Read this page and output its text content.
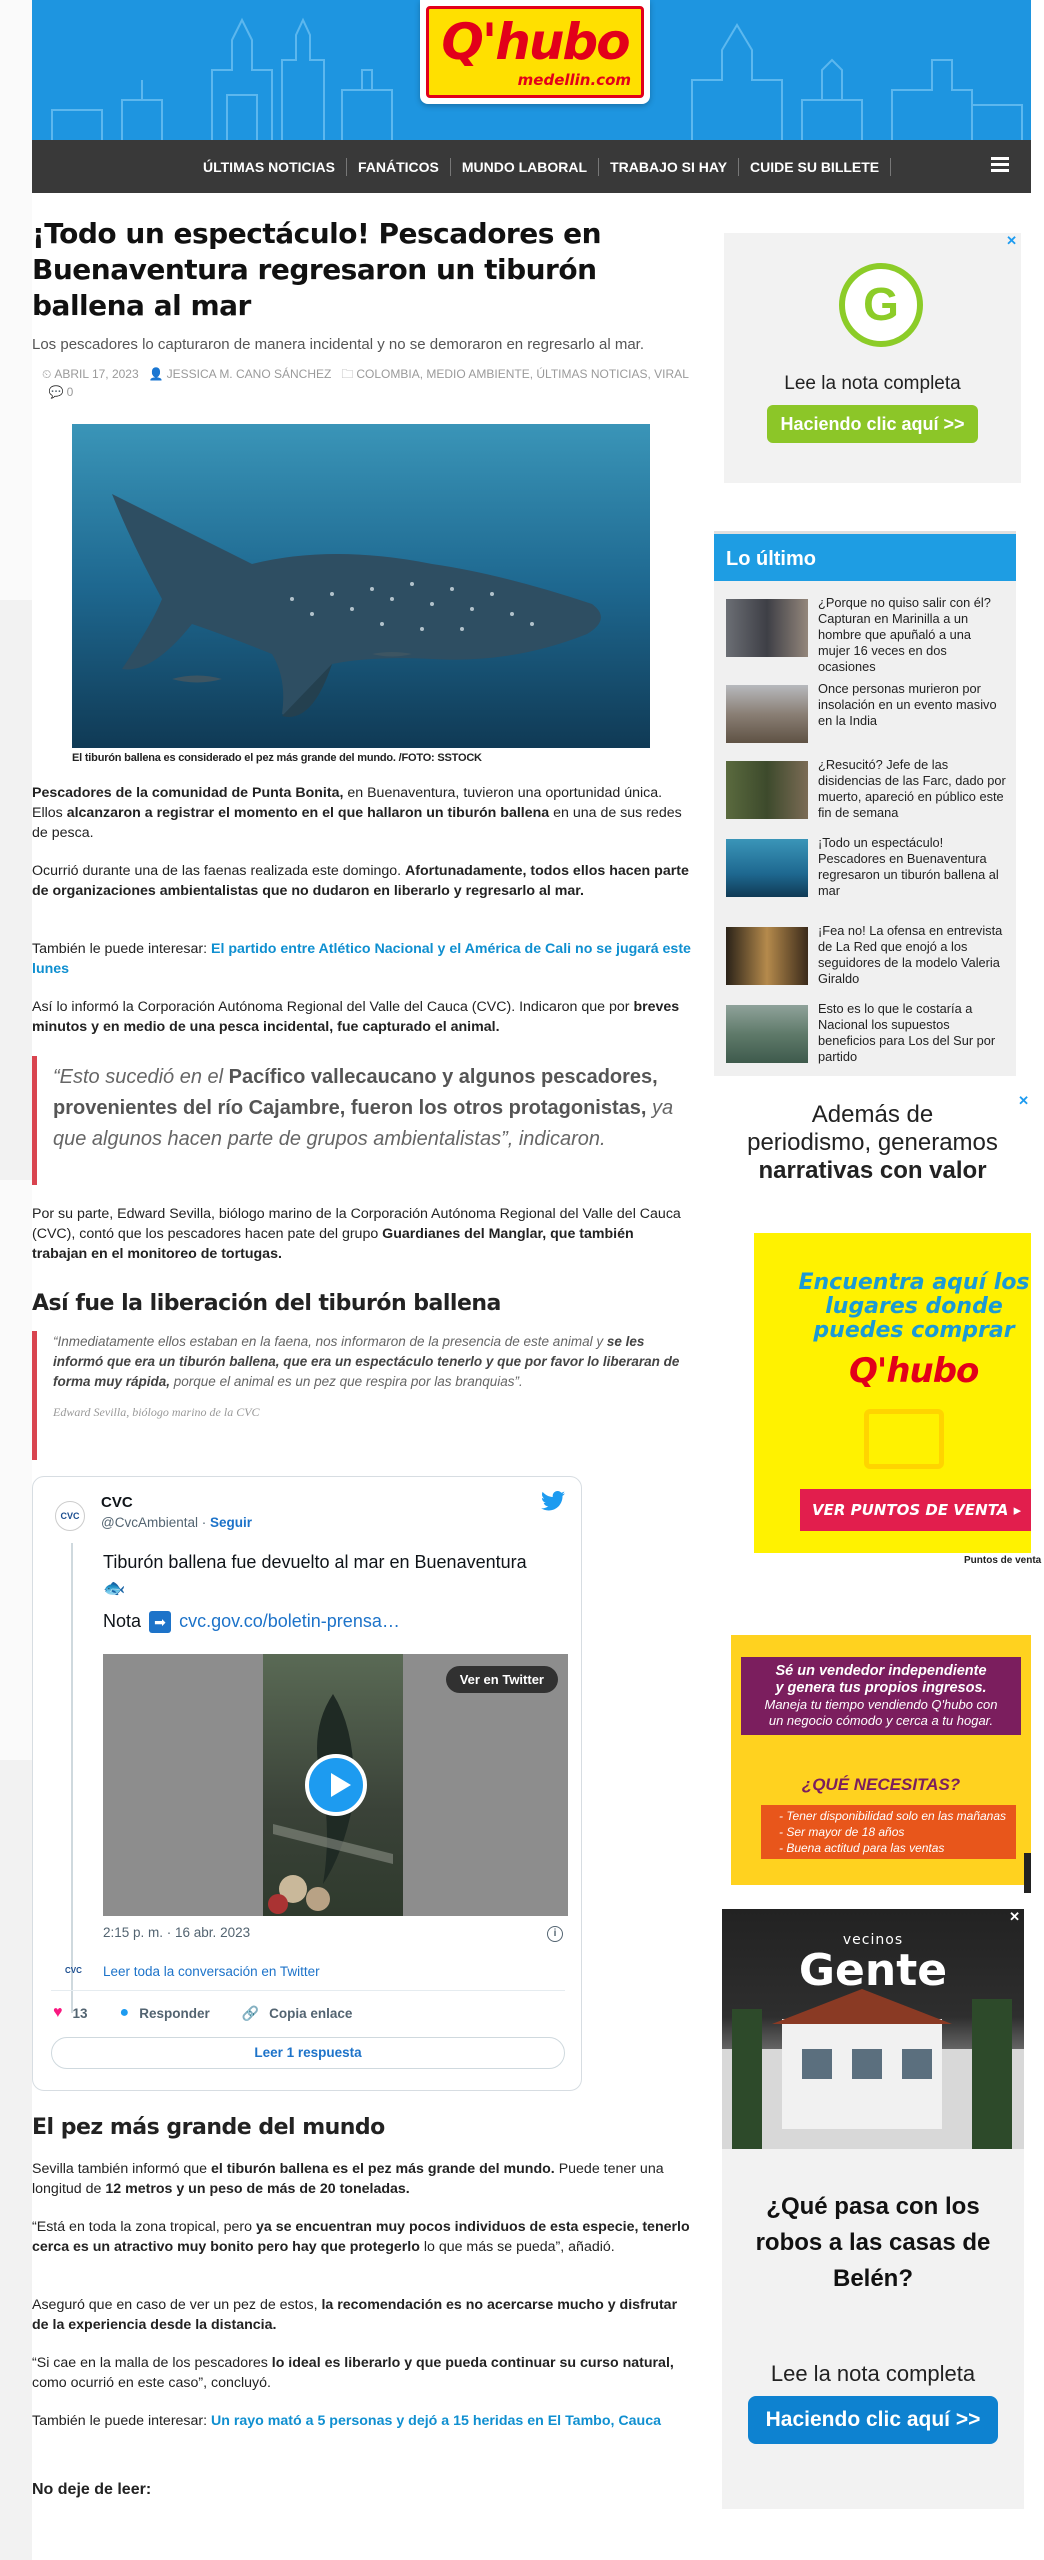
Q'hubo
medellin.com
ÚLTIMAS NOTICIAS	FANÁTICOS	MUNDO LABORAL	TRABAJO SI HAY	CUIDE SU BILLETE
¡Todo un espectáculo! Pescadores en Buenaventura regresaron un tiburón ballena al mar
Los pescadores lo capturaron de manera incidental y no se demoraron en regresarlo al mar.
⏲ ABRIL 17, 2023 👤 JESSICA M. CANO SÁNCHEZ 🗀 COLOMBIA, MEDIO AMBIENTE, ÚLTIMAS NOTICIAS, VIRAL   💬 0
El tiburón ballena es considerado el pez más grande del mundo. /FOTO: SSTOCK

Pescadores de la comunidad de Punta Bonita, en Buenaventura, tuvieron una oportunidad única. Ellos alcanzaron a registrar el momento en el que hallaron un tiburón ballena en una de sus redes de pesca.

Ocurrió durante una de las faenas realizada este domingo. Afortunadamente, todos ellos hacen parte de organizaciones ambientalistas que no dudaron en liberarlo y regresarlo al mar.

También le puede interesar: El partido entre Atlético Nacional y el América de Cali no se jugará este lunes

Así lo informó la Corporación Autónoma Regional del Valle del Cauca (CVC). Indicaron que por breves minutos y en medio de una pesca incidental, fue capturado el animal.

“Esto sucedió en el Pacífico vallecaucano y algunos pescadores, provenientes del río Cajambre, fueron los otros protagonistas, ya que algunos hacen parte de grupos ambientalistas”, indicaron.

Por su parte, Edward Sevilla, biólogo marino de la Corporación Autónoma Regional del Valle del Cauca (CVC), contó que los pescadores hacen pate del grupo Guardianes del Manglar, que también trabajan en el monitoreo de tortugas.

Así fue la liberación del tiburón ballena
“Inmediatamente ellos estaban en la faena, nos informaron de la presencia de este animal y se les informó que era un tiburón ballena, que era un espectáculo tenerlo y que por favor lo liberaran de forma muy rápida, porque el animal es un pez que respira por las branquias”.
Edward Sevilla, biólogo marino de la CVC
CVC
CVC
@CvcAmbiental · Seguir
Tiburón ballena fue devuelto al mar en Buenaventura 🐟
Nota ➡ cvc.gov.co/boletin-prensa…
Ver en Twitter
2:15 p. m. · 16 abr. 2023	i
CVC Leer toda la conversación en Twitter
♥ 13 ● Responder 🔗 Copia enlace
Leer 1 respuesta
El pez más grande del mundo

Sevilla también informó que el tiburón ballena es el pez más grande del mundo. Puede tener una longitud de 12 metros y un peso de más de 20 toneladas.

“Está en toda la zona tropical, pero ya se encuentran muy pocos individuos de esta especie, tenerlo cerca es un atractivo muy bonito pero hay que protegerlo lo que más se pueda”, añadió.

Aseguró que en caso de ver un pez de estos, la recomendación es no acercarse mucho y disfrutar de la experiencia desde la distancia.

“Si cae en la malla de los pescadores lo ideal es liberarlo y que pueda continuar su curso natural, como ocurrió en este caso”, concluyó.

También le puede interesar: Un rayo mató a 5 personas y dejó a 15 heridas en El Tambo, Cauca

No deje de leer:

✕
G
Lee la nota completa
Haciendo clic aquí >>
Lo último
¿Porque no quiso salir con él? Capturan en Marinilla a un hombre que apuñaló a una mujer 16 veces en dos ocasiones
Once personas murieron por insolación en un evento masivo en la India
¿Resucitó? Jefe de las disidencias de las Farc, dado por muerto, apareció en público este fin de semana
¡Todo un espectáculo! Pescadores en Buenaventura regresaron un tiburón ballena al mar
¡Fea no! La ofensa en entrevista de La Red que enojó a los seguidores de la modelo Valeria Giraldo
Esto es lo que le costaría a Nacional los supuestos beneficios para Los del Sur por partido
✕
Además de
periodismo, generamos
narrativas con valor
Encuentra aquí los lugares donde puedes comprar
Q'hubo
VER PUNTOS DE VENTA ▸
Puntos de venta
Sé un vendedor independiente
y genera tus propios ingresos.
Maneja tu tiempo vendiendo Q'hubo con
un negocio cómodo y cerca a tu hogar.
¿QUÉ NECESITAS?
- Tener disponibilidad solo en las mañanas
- Ser mayor de 18 años
- Buena actitud para las ventas
✕
vecinos
Gente
¿Qué pasa con los robos a las casas de Belén?
Lee la nota completa
Haciendo clic aquí >>
